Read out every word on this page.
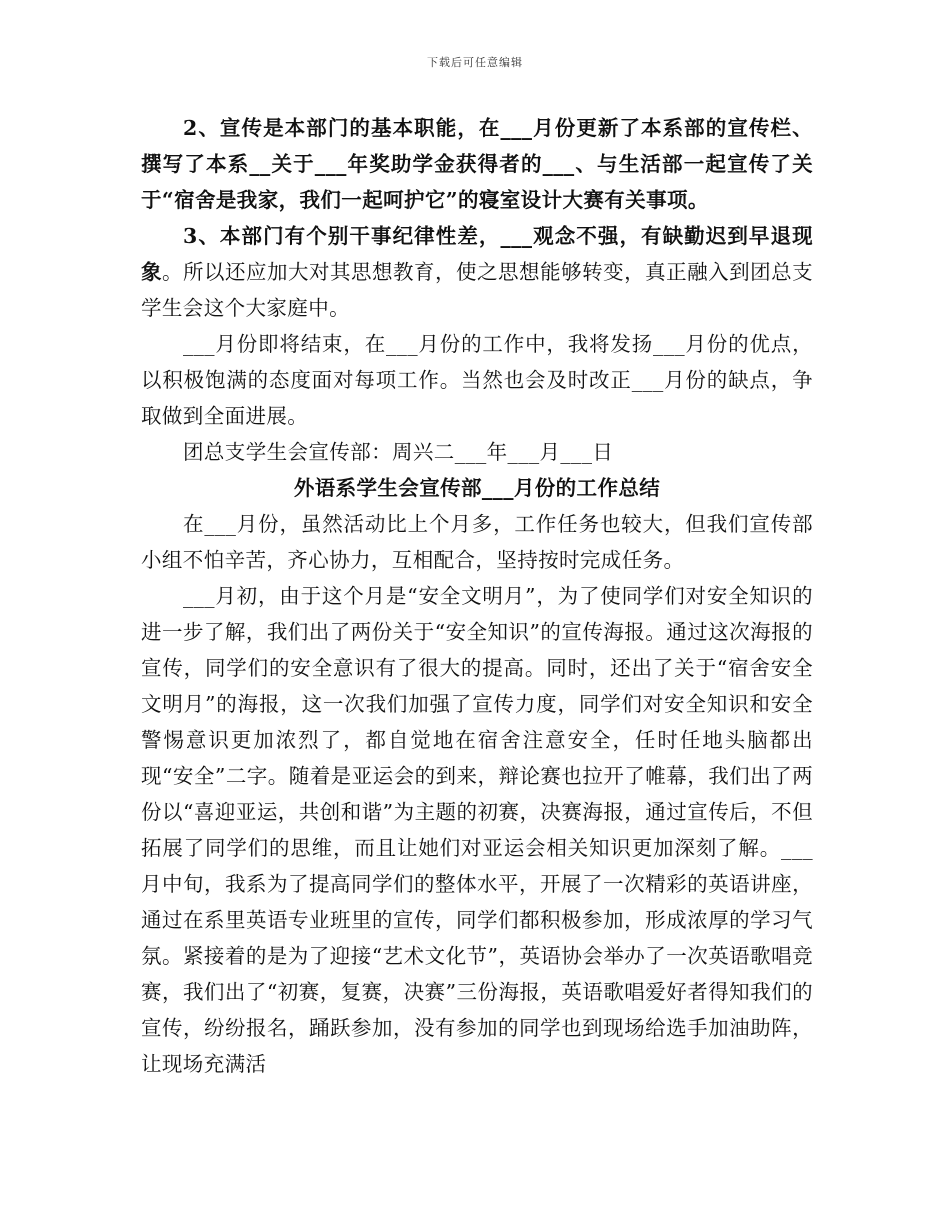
下载后可任意编辑

2、宣传是本部门的基本职能，在___月份更新了本系部的宣传栏、撰写了本系__关于___年奖助学金获得者的___、与生活部一起宣传了关于“宿舍是我家，我们一起呵护它”的寝室设计大赛有关事项。

3、本部门有个别干事纪律性差，___观念不强，有缺勤迟到早退现象。所以还应加大对其思想教育，使之思想能够转变，真正融入到团总支学生会这个大家庭中。

___月份即将结束，在___月份的工作中，我将发扬___月份的优点，以积极饱满的态度面对每项工作。当然也会及时改正___月份的缺点，争取做到全面进展。

团总支学生会宣传部：周兴二___年___月___日

外语系学生会宣传部___月份的工作总结

在___月份，虽然活动比上个月多，工作任务也较大，但我们宣传部小组不怕辛苦，齐心协力，互相配合，坚持按时完成任务。

___月初，由于这个月是“安全文明月”，为了使同学们对安全知识的进一步了解，我们出了两份关于“安全知识”的宣传海报。通过这次海报的宣传，同学们的安全意识有了很大的提高。同时，还出了关于“宿舍安全文明月”的海报，这一次我们加强了宣传力度，同学们对安全知识和安全警惕意识更加浓烈了，都自觉地在宿舍注意安全，任时任地头脑都出现“安全”二字。随着是亚运会的到来，辩论赛也拉开了帷幕，我们出了两份以“喜迎亚运，共创和谐”为主题的初赛，决赛海报，通过宣传后，不但拓展了同学们的思维，而且让她们对亚运会相关知识更加深刻了解。___月中旬，我系为了提高同学们的整体水平，开展了一次精彩的英语讲座，通过在系里英语专业班里的宣传，同学们都积极参加，形成浓厚的学习气氛。紧接着的是为了迎接“艺术文化节”，英语协会举办了一次英语歌唱竞赛，我们出了“初赛，复赛，决赛”三份海报，英语歌唱爱好者得知我们的宣传，纷纷报名，踊跃参加，没有参加的同学也到现场给选手加油助阵，让现场充满活
